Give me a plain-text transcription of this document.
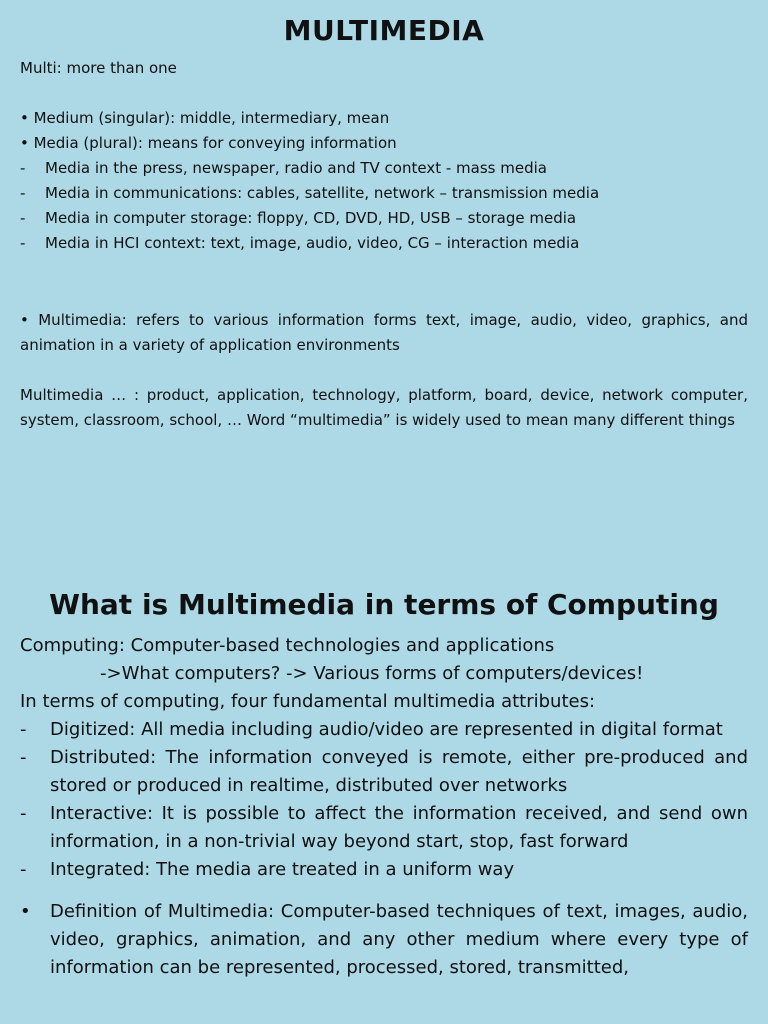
MULTIMEDIA
Multi: more than one
• Medium (singular): middle, intermediary, mean
• Media (plural): means for conveying information
- Media in the press, newspaper, radio and TV context - mass media
- Media in communications: cables, satellite, network – transmission media
- Media in computer storage: floppy, CD, DVD, HD, USB – storage media
- Media in HCI context: text, image, audio, video, CG – interaction media
• Multimedia: refers to various information forms text, image, audio, video, graphics, and animation in a variety of application environments
Multimedia … : product, application, technology, platform, board, device, network computer, system, classroom, school, … Word “multimedia” is widely used to mean many different things
What is Multimedia in terms of Computing
Computing: Computer-based technologies and applications
->What computers? -> Various forms of computers/devices!
In terms of computing, four fundamental multimedia attributes:
- Digitized: All media including audio/video are represented in digital format
- Distributed: The information conveyed is remote, either pre-produced and stored or produced in realtime, distributed over networks
- Interactive: It is possible to affect the information received, and send own information, in a non-trivial way beyond start, stop, fast forward
- Integrated: The media are treated in a uniform way
• Definition of Multimedia: Computer-based techniques of text, images, audio, video, graphics, animation, and any other medium where every type of information can be represented, processed, stored, transmitted,
